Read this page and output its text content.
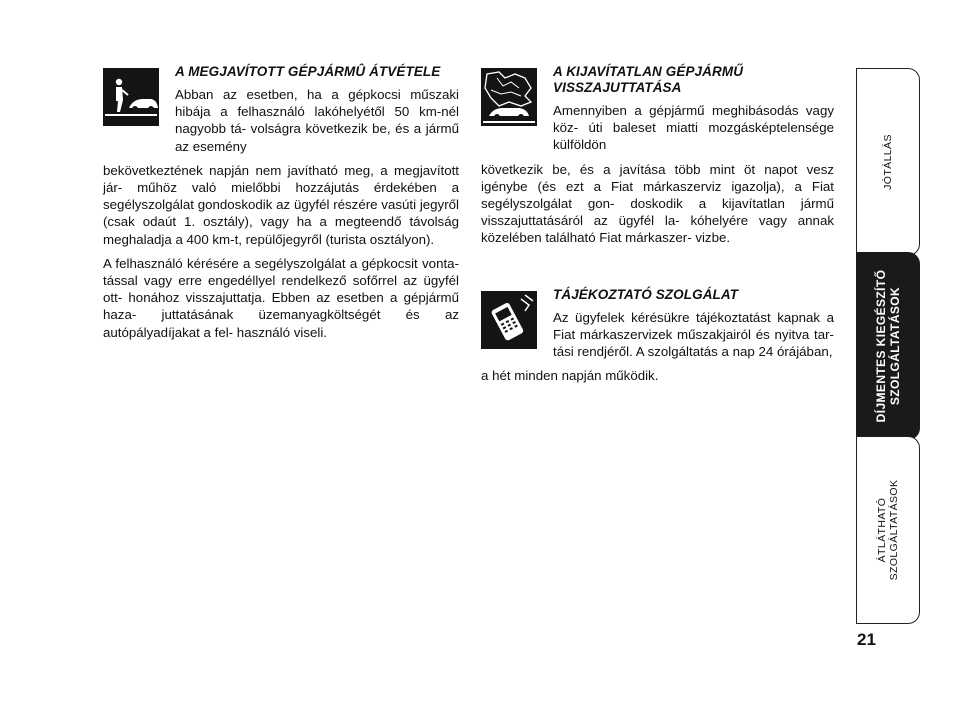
A MEGJAVÍTOTT GÉPJÁRMÛ ÁTVÉTELE

Abban az esetben, ha a gépkocsi műszaki hibája a felhasználó lakóhelyétől 50 km-nél nagyobb tá- volságra következik be, és a jármű az esemény

bekövetkeztének napján nem javítható meg, a megjavított jár- műhöz való mielőbbi hozzájutás érdekében a segélyszolgálat gondoskodik az ügyfél részére vasúti jegyről (csak odaút 1. osztály), vagy ha a megteendő távolság meghaladja a 400 km-t, repülőjegyről (turista osztályon).

A felhasználó kérésére a segélyszolgálat a gépkocsit vonta- tással vagy erre engedéllyel rendelkező sofőrrel az ügyfél ott- honához visszajuttatja. Ebben az esetben a gépjármű haza- juttatásának üzemanyagköltségét és az autópályadíjakat a fel- használó viseli.

A KIJAVÍTATLAN GÉPJÁRMŰ VISSZAJUTTATÁSA

Amennyiben a gépjármű meghibásodás vagy köz- úti baleset miatti mozgásképtelensége külföldön

következik be, és a javítása több mint öt napot vesz igénybe (és ezt a Fiat márkaszerviz igazolja), a Fiat segélyszolgálat gon- doskodik a kijavítatlan jármű visszajuttatásáról az ügyfél la- kóhelyére vagy annak közelében található Fiat márkaszer- vizbe.

TÁJÉKOZTATÓ SZOLGÁLAT

Az ügyfelek kérésükre tájékoztatást kapnak a Fiat márkaszervizek műszakjairól és nyitva tar- tási rendjéről. A szolgáltatás a nap 24 órájában,

a hét minden napján működik.

JÓTÁLLÁS
DÍJMENTES KIEGÉSZÍTŐ
SZOLGÁLTATÁSOK
ÁTLÁTHATÓ
SZOLGÁLTATÁSOK
21
